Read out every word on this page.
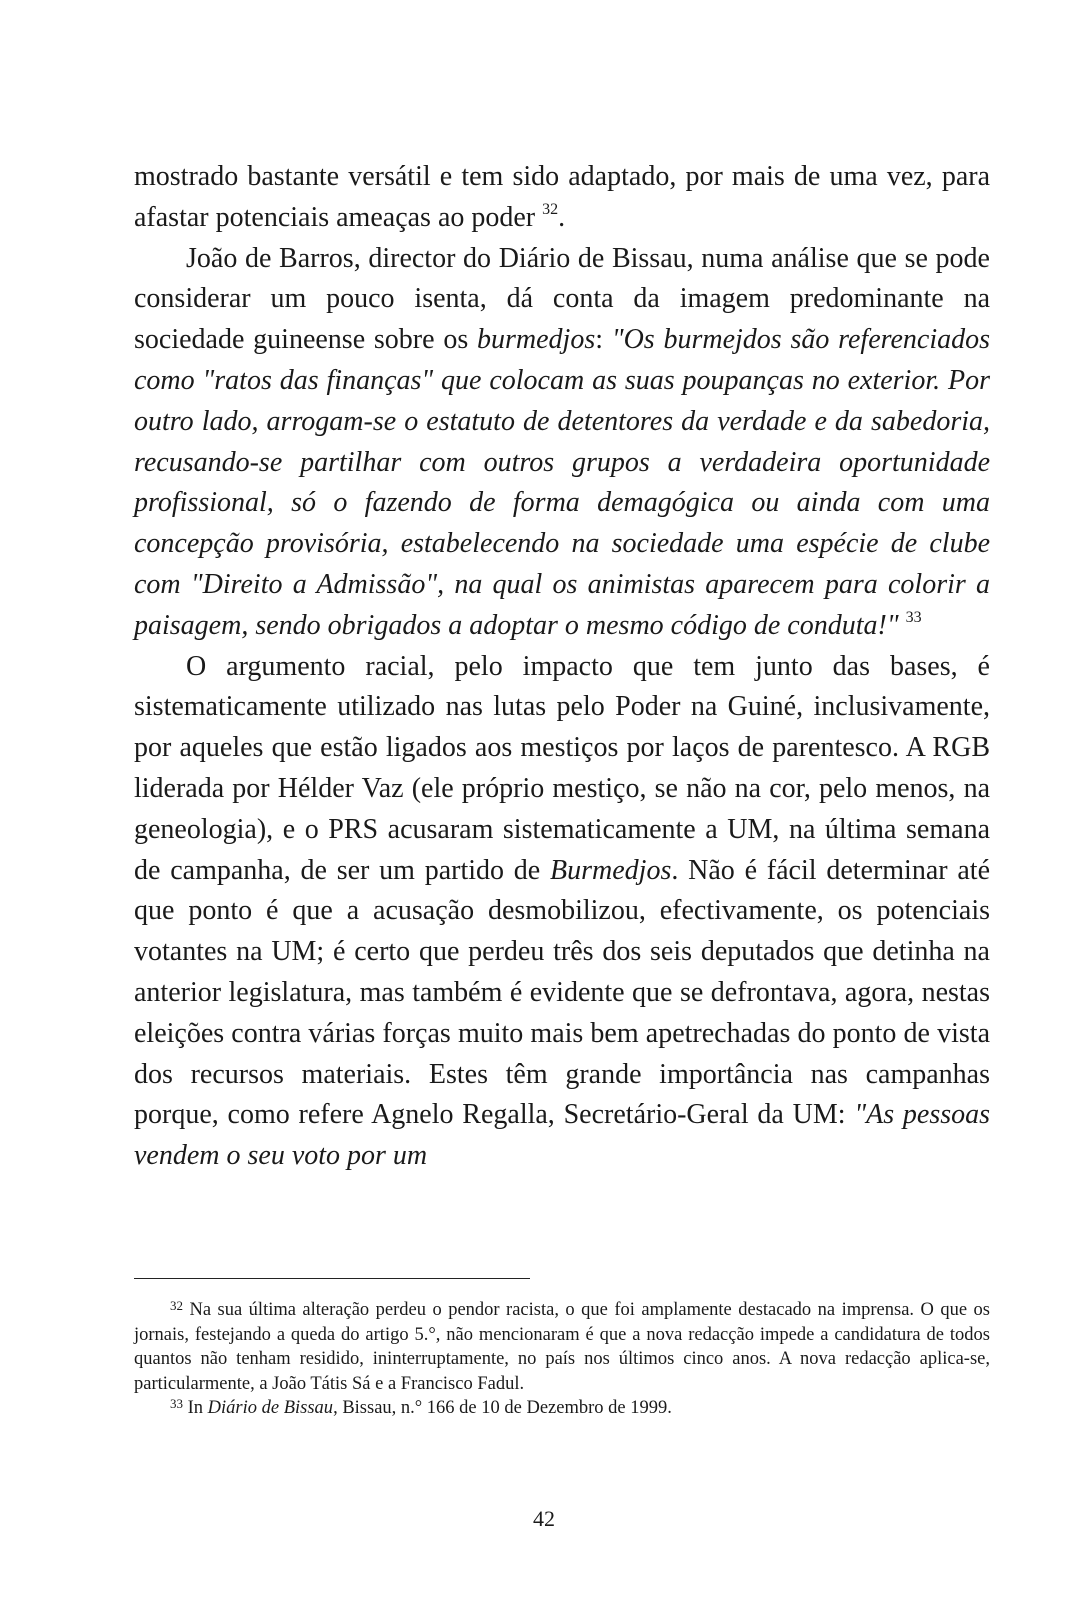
mostrado bastante versátil e tem sido adaptado, por mais de uma vez, para afastar potenciais ameaças ao poder $^{32}$.

João de Barros, director do Diário de Bissau, numa análise que se pode considerar um pouco isenta, dá conta da imagem predominante na sociedade guineense sobre os burmedjos: "Os burmejdos são referenciados como "ratos das finanças" que colocam as suas poupanças no exterior. Por outro lado, arrogam-se o estatuto de detentores da verdade e da sabedoria, recusando-se partilhar com outros grupos a verdadeira oportunidade profissional, só o fazendo de forma demagógica ou ainda com uma concepção provisória, estabelecendo na sociedade uma espécie de clube com "Direito a Admissão", na qual os animistas aparecem para colorir a paisagem, sendo obrigados a adoptar o mesmo código de conduta!" $^{33}$

O argumento racial, pelo impacto que tem junto das bases, é sistematicamente utilizado nas lutas pelo Poder na Guiné, inclusivamente, por aqueles que estão ligados aos mestiços por laços de parentesco. A RGB liderada por Hélder Vaz (ele próprio mestiço, se não na cor, pelo menos, na geneologia), e o PRS acusaram sistematicamente a UM, na última semana de campanha, de ser um partido de Burmedjos. Não é fácil determinar até que ponto é que a acusação desmobilizou, efectivamente, os potenciais votantes na UM; é certo que perdeu três dos seis deputados que detinha na anterior legislatura, mas também é evidente que se defrontava, agora, nestas eleições contra várias forças muito mais bem apetrechadas do ponto de vista dos recursos materiais. Estes têm grande importância nas campanhas porque, como refere Agnelo Regalla, Secretário-Geral da UM: "As pessoas vendem o seu voto por um

$^{32}$ Na sua última alteração perdeu o pendor racista, o que foi amplamente destacado na imprensa. O que os jornais, festejando a queda do artigo 5.°, não mencionaram é que a nova redacção impede a candidatura de todos quantos não tenham residido, ininterruptamente, no país nos últimos cinco anos. A nova redacção aplica-se, particularmente, a João Tátis Sá e a Francisco Fadul.

$^{33}$ In Diário de Bissau, Bissau, n.° 166 de 10 de Dezembro de 1999.

42
